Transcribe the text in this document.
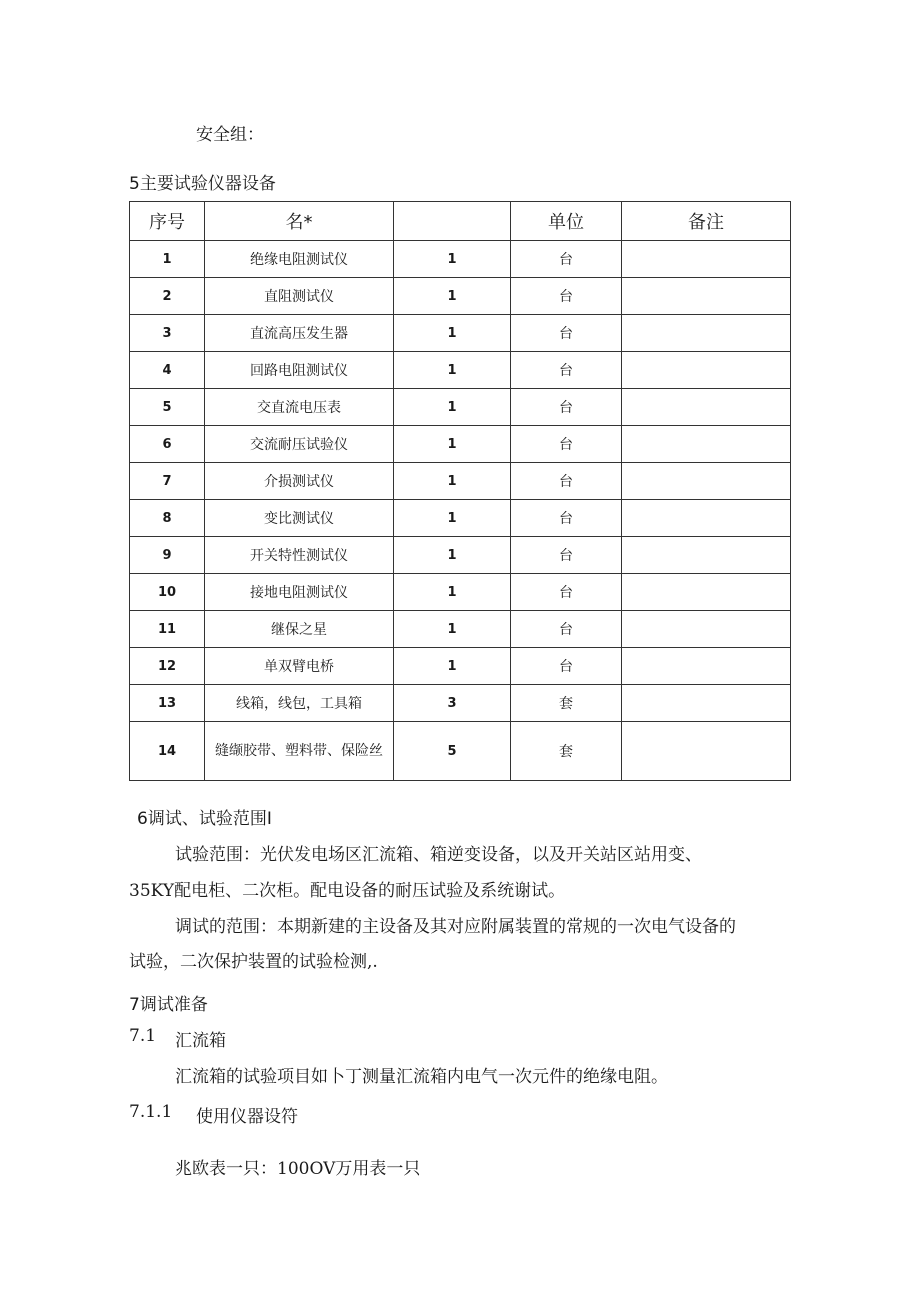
安全组：
5主要试验仪器设备
序号	名*		单位	备注
1	绝缘电阻测试仪	1	台	
2	直阻测试仪	1	台	
3	直流高压发生器	1	台	
4	回路电阻测试仪	1	台	
5	交直流电压表	1	台	
6	交流耐压试验仪	1	台	
7	介损测试仪	1	台	
8	变比测试仪	1	台	
9	开关特性测试仪	1	台	
10	接地电阻测试仪	1	台	
11	继保之星	1	台	
12	单双臂电桥	1	台	
13	线箱，线包，工具箱	3	套	
14	缝缬胶带、塑料带、保险丝	5	套	
6调试、试验范围I
试验范围：光伏发电场区汇流箱、箱逆变设备，以及开关站区站用变、
35KY配电柜、二次柜。配电设备的耐压试验及系统谢试。
调试的范围：本期新建的主设备及其对应附属装置的常规的一次电气设备的
试验，二次保护装置的试验检测,.
7调试准备
7.1 汇流箱
汇流箱的试验项目如卜丁测量汇流箱内电气一次元件的绝缘电阻。
7.1.1 使用仪器设符
兆欧表一只：100OV万用表一只
